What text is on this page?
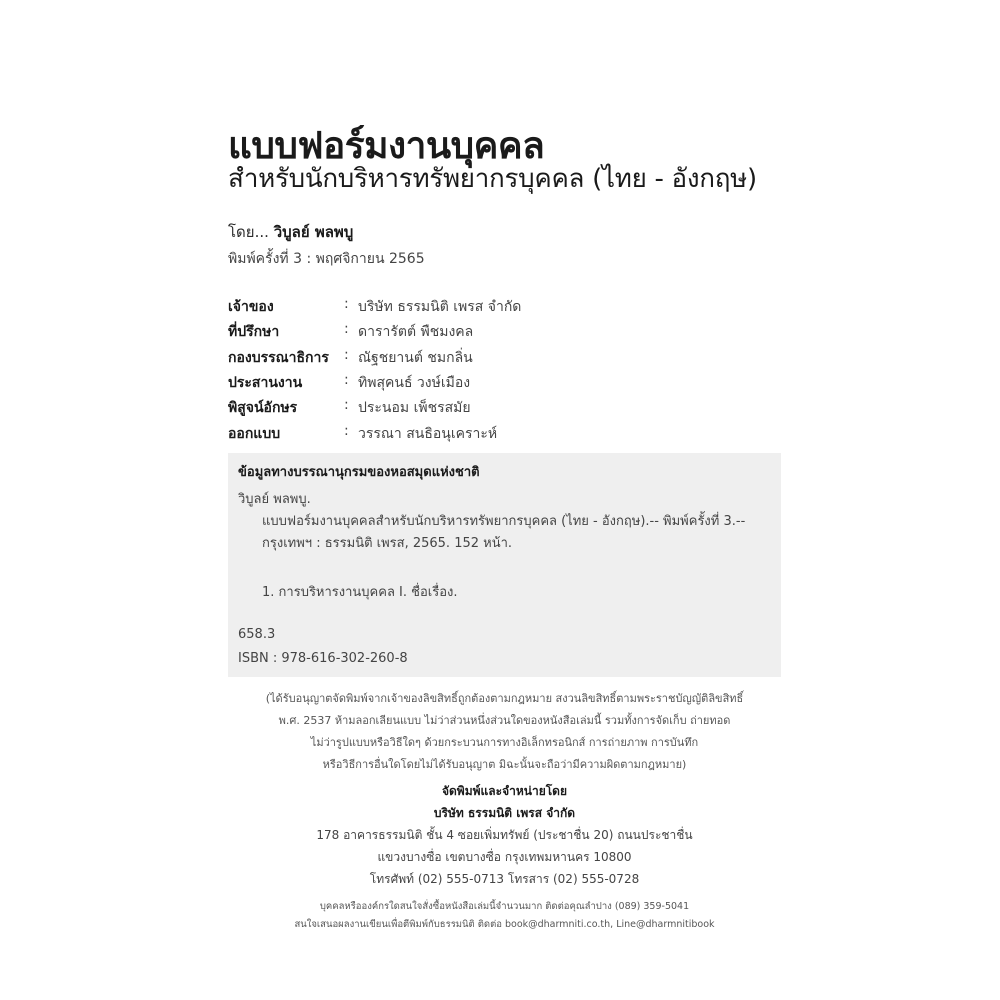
แบบฟอร์มงานบุคคล
สำหรับนักบริหารทรัพยากรบุคคล (ไทย - อังกฤษ)
โดย... วิบูลย์ พลพบู
พิมพ์ครั้งที่ 3 : พฤศจิกายน 2565
เจ้าของ	: บริษัท ธรรมนิติ เพรส จำกัด
ที่ปรึกษา	: ดารารัตต์ พืชมงคล
กองบรรณาธิการ : ณัฐชยานต์ ชมกลิ่น
ประสานงาน	: ทิพสุคนธ์ วงษ์เมือง
พิสูจน์อักษร	: ประนอม เพ็ชรสมัย
ออกแบบ	: วรรณา สนธิอนุเคราะห์
ข้อมูลทางบรรณานุกรมของหอสมุดแห่งชาติ
วิบูลย์ พลพบู.
แบบฟอร์มงานบุคคลสำหรับนักบริหารทรัพยากรบุคคล (ไทย - อังกฤษ).-- พิมพ์ครั้งที่ 3.--
กรุงเทพฯ : ธรรมนิติ เพรส, 2565. 152 หน้า.
1. การบริหารงานบุคคล I. ชื่อเรื่อง.
658.3
ISBN : 978-616-302-260-8
(ได้รับอนุญาตจัดพิมพ์จากเจ้าของลิขสิทธิ์ถูกต้องตามกฎหมาย สงวนลิขสิทธิ์ตามพระราชบัญญัติลิขสิทธิ์
พ.ศ. 2537 ห้ามลอกเลียนแบบ ไม่ว่าส่วนหนึ่งส่วนใดของหนังสือเล่มนี้ รวมทั้งการจัดเก็บ ถ่ายทอด
ไม่ว่ารูปแบบหรือวิธีใดๆ ด้วยกระบวนการทางอิเล็กทรอนิกส์ การถ่ายภาพ การบันทึก
หรือวิธีการอื่นใดโดยไม่ได้รับอนุญาต มิฉะนั้นจะถือว่ามีความผิดตามกฎหมาย)
จัดพิมพ์และจำหน่ายโดย
บริษัท ธรรมนิติ เพรส จำกัด
178 อาคารธรรมนิติ ชั้น 4 ซอยเพิ่มทรัพย์ (ประชาชื่น 20) ถนนประชาชื่น
แขวงบางซื่อ เขตบางซื่อ กรุงเทพมหานคร 10800
โทรศัพท์ (02) 555-0713 โทรสาร (02) 555-0728
บุคคลหรือองค์กรใดสนใจสั่งซื้อหนังสือเล่มนี้จำนวนมาก ติดต่อคุณลำปาง (089) 359-5041
สนใจเสนอผลงานเขียนเพื่อตีพิมพ์กับธรรมนิติ ติดต่อ book@dharmniti.co.th, Line@dharmnitibook
